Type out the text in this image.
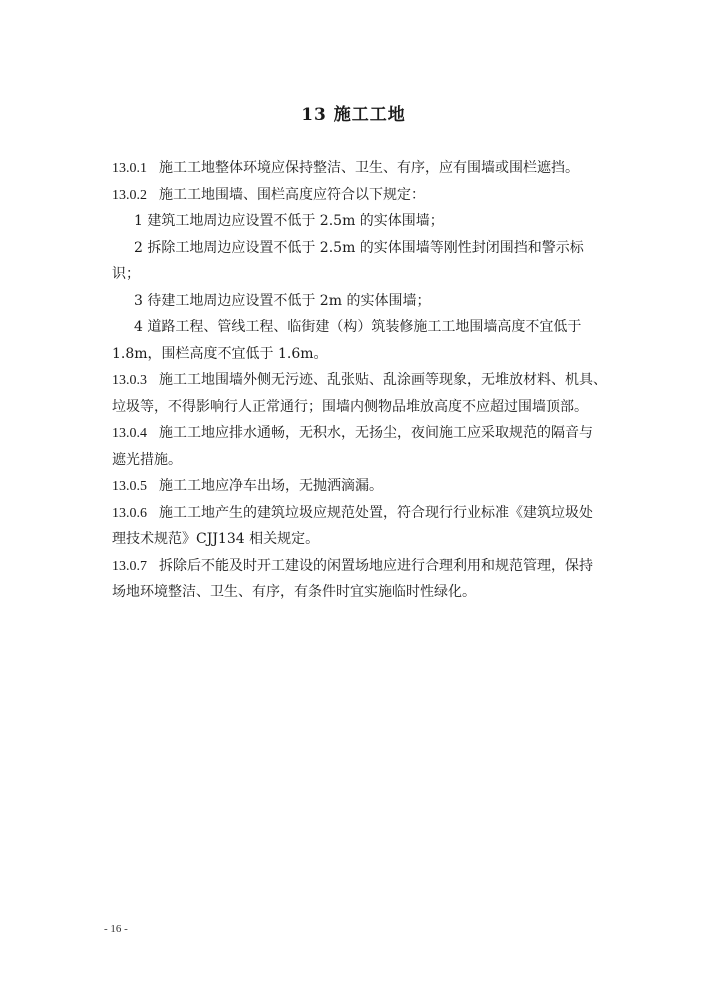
13 施工工地
13.0.1 施工工地整体环境应保持整洁、卫生、有序，应有围墙或围栏遮挡。
13.0.2 施工工地围墙、围栏高度应符合以下规定：
1 建筑工地周边应设置不低于 2.5m 的实体围墙；
2 拆除工地周边应设置不低于 2.5m 的实体围墙等刚性封闭围挡和警示标
识；
3 待建工地周边应设置不低于 2m 的实体围墙；
4 道路工程、管线工程、临街建（构）筑装修施工工地围墙高度不宜低于
1.8m，围栏高度不宜低于 1.6m。
13.0.3 施工工地围墙外侧无污迹、乱张贴、乱涂画等现象，无堆放材料、机具、
垃圾等，不得影响行人正常通行；围墙内侧物品堆放高度不应超过围墙顶部。
13.0.4 施工工地应排水通畅，无积水，无扬尘，夜间施工应采取规范的隔音与
遮光措施。
13.0.5 施工工地应净车出场，无抛洒滴漏。
13.0.6 施工工地产生的建筑垃圾应规范处置，符合现行行业标准《建筑垃圾处
理技术规范》CJJ134 相关规定。
13.0.7 拆除后不能及时开工建设的闲置场地应进行合理利用和规范管理，保持
场地环境整洁、卫生、有序，有条件时宜实施临时性绿化。
- 16 -
